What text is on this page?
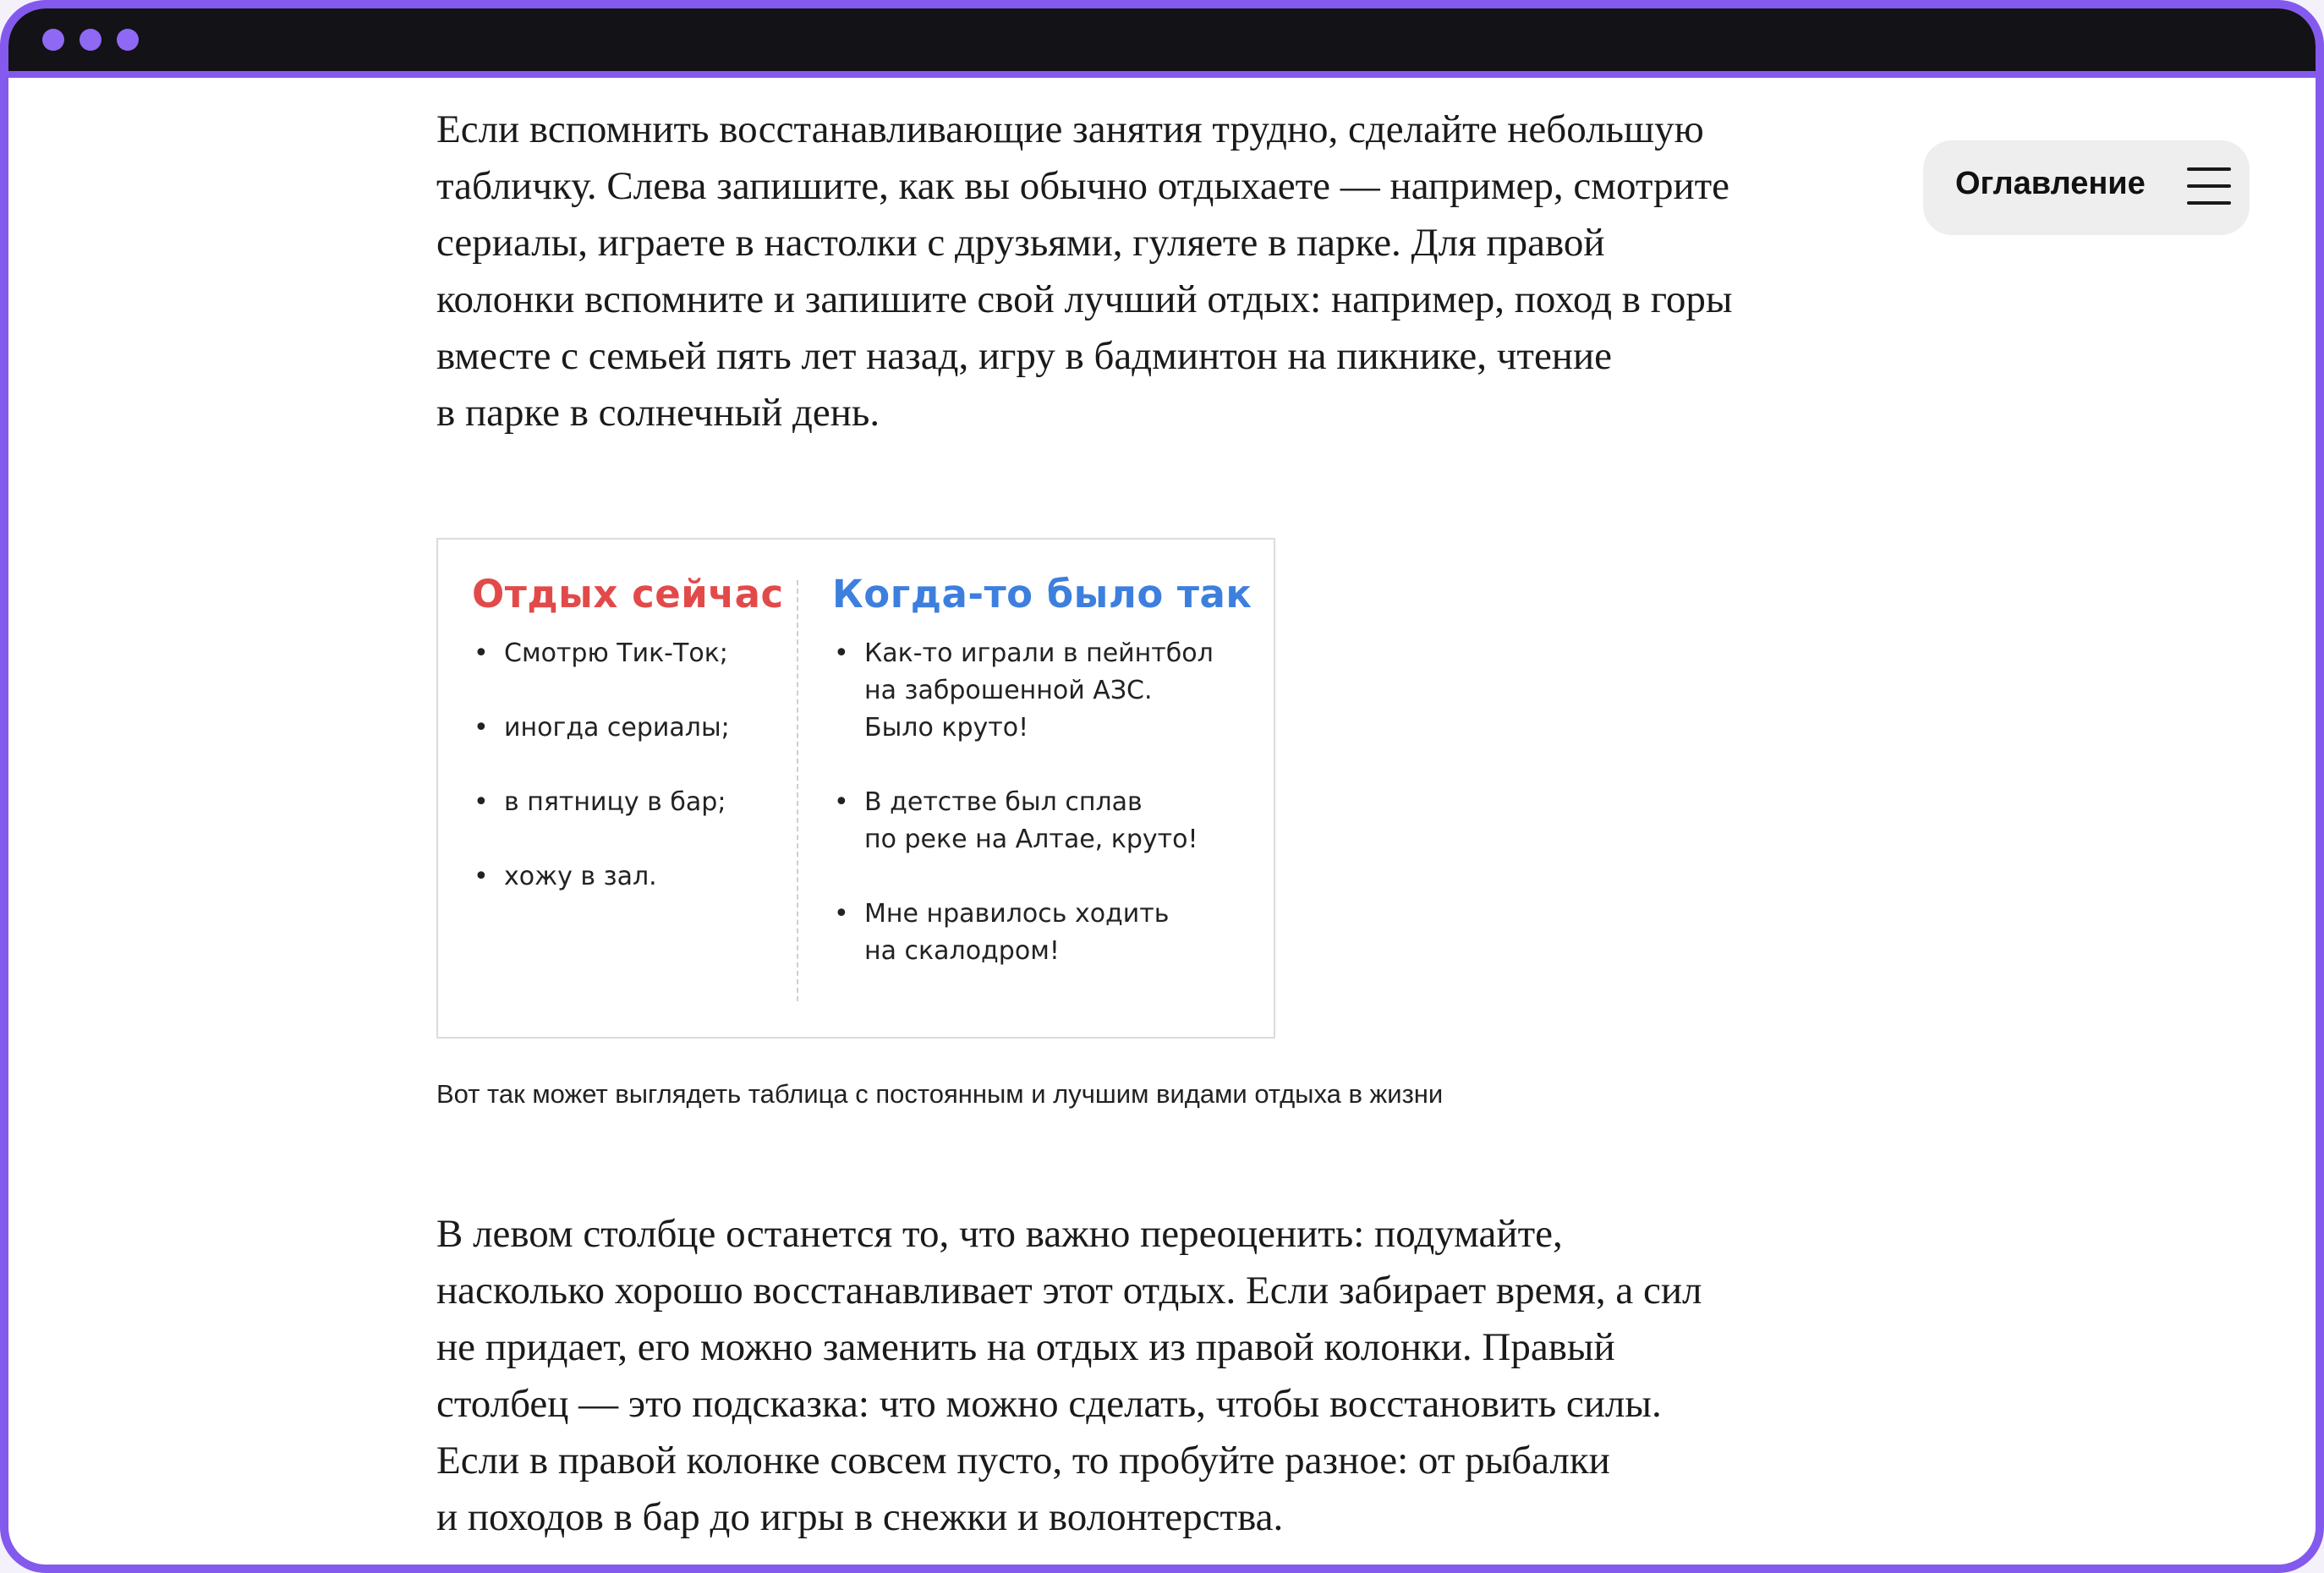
Если вспомнить восстанавливающие занятия трудно, сделайте небольшую
табличку. Слева запишите, как вы обычно отдыхаете — например, смотрите
сериалы, играете в настолки с друзьями, гуляете в парке. Для правой
колонки вспомните и запишите свой лучший отдых: например, поход в горы
вместе с семьей пять лет назад, игру в бадминтон на пикнике, чтение
в парке в солнечный день.

Оглавление
Отдых сейчас
• Смотрю Тик-Ток;
• иногда сериалы;
• в пятницу в бар;
• хожу в зал.
Когда-то было так
• Как-то играли в пейнтбол
на заброшенной АЗС.
Было круто!
• В детстве был сплав
по реке на Алтае, круто!
• Мне нравилось ходить
на скалодром!

Вот так может выглядеть таблица с постоянным и лучшим видами отдыха в жизни

В левом столбце останется то, что важно переоценить: подумайте,
насколько хорошо восстанавливает этот отдых. Если забирает время, а сил
не придает, его можно заменить на отдых из правой колонки. Правый
столбец — это подсказка: что можно сделать, чтобы восстановить силы.
Если в правой колонке совсем пусто, то пробуйте разное: от рыбалки
и походов в бар до игры в снежки и волонтерства.
